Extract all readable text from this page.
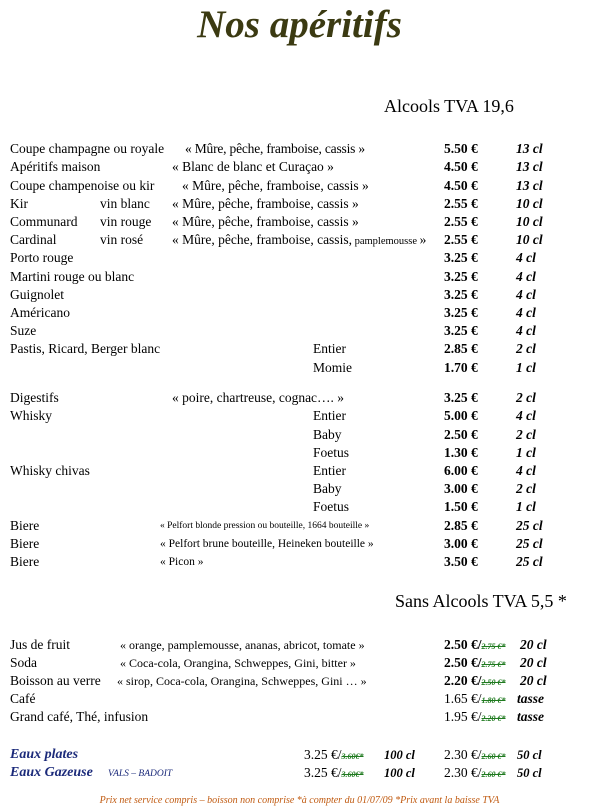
Nos apéritifs
Alcools TVA 19,6
Coupe champagne ou royale « Mûre, pêche, framboise, cassis »	5.50 €	13 cl
Apéritifs maison	« Blanc de blanc et Curaçao »	4.50 €	13 cl
Coupe champenoise ou kir « Mûre, pêche, framboise, cassis »	4.50 €	13 cl
Kir	vin blanc « Mûre, pêche, framboise, cassis »	2.55 €	10 cl
Communard vin rouge « Mûre, pêche, framboise, cassis »	2.55 €	10 cl
Cardinal	vin rosé « Mûre, pêche, framboise, cassis, pamplemousse » 2.55 €	10 cl
Porto rouge	3.25 €	4 cl
Martini rouge ou blanc	3.25 €	4 cl
Guignolet	3.25 €	4 cl
Américano	3.25 €	4 cl
Suze	3.25 €	4 cl
Pastis, Ricard, Berger blanc	Entier	2.85 €	2 cl
Momie	1.70 €	1 cl
Digestifs	« poire, chartreuse, cognac…. »	3.25 €	2 cl
Whisky	Entier	5.00 €	4 cl
Baby	2.50 €	2 cl
Foetus	1.30 €	1 cl
Whisky chivas	Entier	6.00 €	4 cl
Baby	3.00 €	2 cl
Foetus	1.50 €	1 cl
Biere	« Pelfort blonde pression ou bouteille, 1664 bouteille »	2.85 €	25 cl
Biere	« Pelfort brune bouteille, Heineken bouteille »	3.00 €	25 cl
Biere	« Picon »	3.50 €	25 cl
Sans Alcools TVA 5,5 *
Jus de fruit	« orange, pamplemousse, ananas, abricot, tomate »	2.50 €/2.75 €* 20 cl
Soda	« Coca-cola, Orangina, Schweppes, Gini, bitter »	2.50 €/2.75 €* 20 cl
Boisson au verre « sirop, Coca-cola, Orangina, Schweppes, Gini … »	2.20 €/2.50 €* 20 cl
Café	1.65 €/1.80 €* tasse
Grand café, Thé, infusion	1.95 €/2.20 €* tasse
Eaux plates	3.25 €/3.60€* 100 cl 2.30 €/2.60 €* 50 cl
Eaux Gazeuse VALS – BADOIT	3.25 €/3.60€* 100 cl 2.30 €/2.60 €* 50 cl
Prix net service compris – boisson non comprise *à compter du 01/07/09 *Prix avant la baisse TVA
